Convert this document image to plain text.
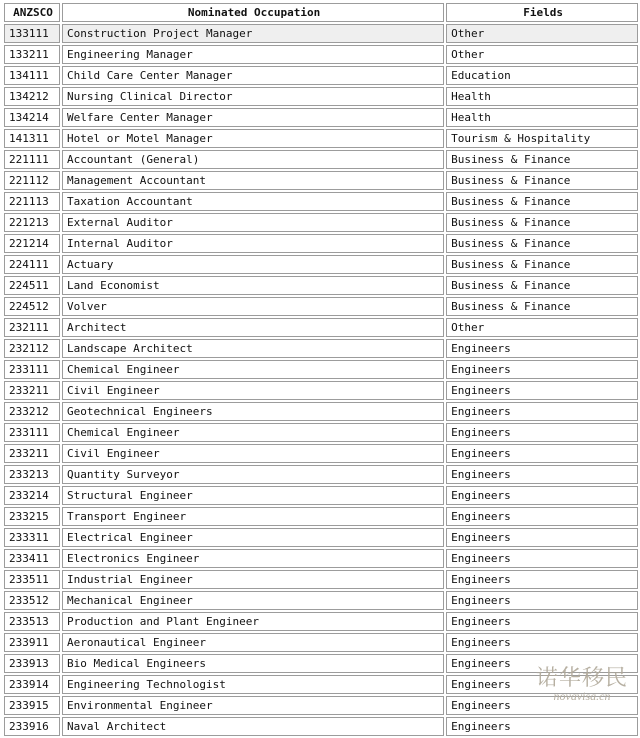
ANZSCO	Nominated Occupation	Fields
133111	Construction Project Manager	Other
133211	Engineering Manager	Other
134111	Child Care Center Manager	Education
134212	Nursing Clinical Director	Health
134214	Welfare Center Manager	Health
141311	Hotel or Motel Manager	Tourism & Hospitality
221111	Accountant (General)	Business & Finance
221112	Management Accountant	Business & Finance
221113	Taxation Accountant	Business & Finance
221213	External Auditor	Business & Finance
221214	Internal Auditor	Business & Finance
224111	Actuary	Business & Finance
224511	Land Economist	Business & Finance
224512	Volver	Business & Finance
232111	Architect	Other
232112	Landscape Architect	Engineers
233111	Chemical Engineer	Engineers
233211	Civil Engineer	Engineers
233212	Geotechnical Engineers	Engineers
233111	Chemical Engineer	Engineers
233211	Civil Engineer	Engineers
233213	Quantity Surveyor	Engineers
233214	Structural Engineer	Engineers
233215	Transport Engineer	Engineers
233311	Electrical Engineer	Engineers
233411	Electronics Engineer	Engineers
233511	Industrial Engineer	Engineers
233512	Mechanical Engineer	Engineers
233513	Production and Plant Engineer	Engineers
233911	Aeronautical Engineer	Engineers
233913	Bio Medical Engineers	Engineers
233914	Engineering Technologist	Engineers
233915	Environmental Engineer	Engineers
233916	Naval Architect	Engineers
诺华移民
novavisa.cn
